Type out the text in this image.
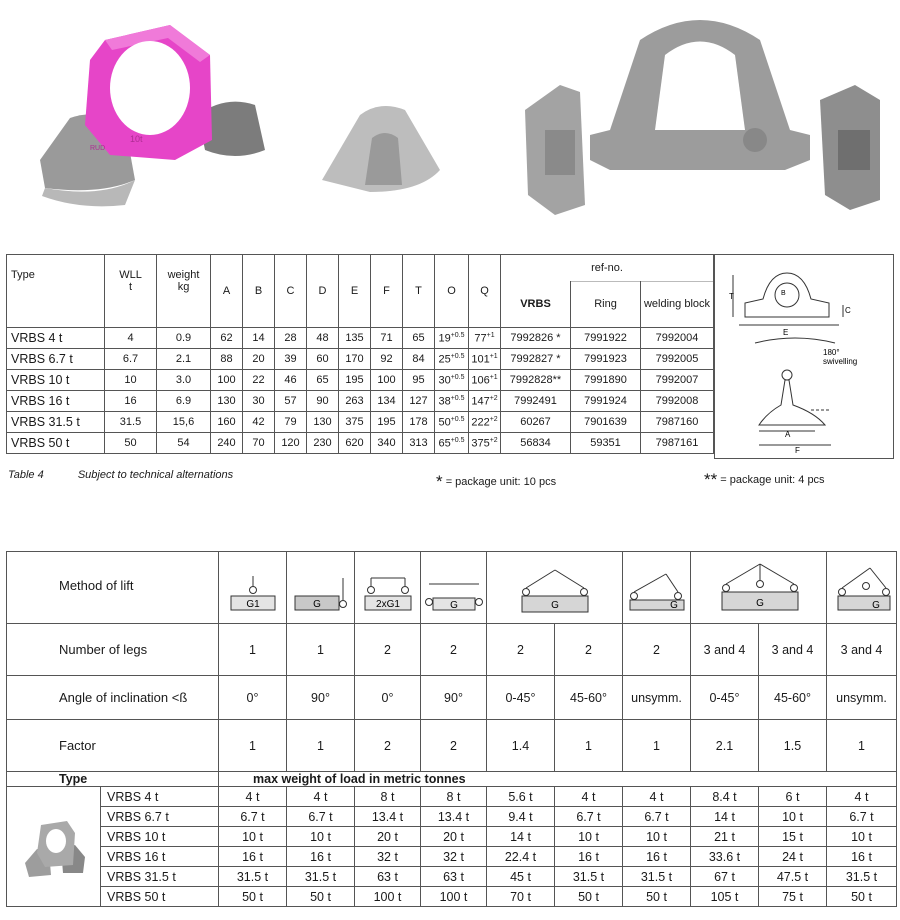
10t
RUD
Type	WLL
t	weight
kg	A	B	C	D	E	F	T	O	Q	ref-no.		
												VRBS	Ring	welding block
VRBS 4 t	4	0.9	62	14	28	48	135	71	65	$19^{+0.5}$	$77^{+1}$	7992826 *	7991922	7992004
VRBS 6.7 t	6.7	2.1	88	20	39	60	170	92	84	$25^{+0.5}$	$101^{+1}$	7992827 *	7991923	7992005
VRBS 10 t	10	3.0	100	22	46	65	195	100	95	$30^{+0.5}$	$106^{+1}$	7992828**	7991890	7992007
VRBS 16 t	16	6.9	130	30	57	90	263	134	127	$38^{+0.5}$	$147^{+2}$	7992491	7991924	7992008
VRBS 31.5 t	31.5	15,6	160	42	79	130	375	195	178	$50^{+0.5}$	$222^{+2}$	60267	7901639	7987160
VRBS 50 t	50	54	240	70	120	230	620	340	313	$65^{+0.5}$	$375^{+2}$	56834	59351	7987161
T	B
C
E
180°
swivelling
A
F
Table 4	Subject to technical alternations	* = package unit: 10 pcs	** = package unit: 4 pcs
Method of lift		G1	G	2xG1	G	G		G	G		G

Number of legs		1	1	2	2	2	2	2	3 and 4	3 and 4	3 and 4
Angle of inclination <ß		0°	90°	0°	90°	0-45°	45-60°	unsymm.	0-45°	45-60°	unsymm.
Factor		1	1	2	2	1.4	1	1	2.1	1.5	1
Type		max weight of load in metric tonnes									
	VRBS 4 t	4 t	4 t	8 t	8 t	5.6 t	4 t	4 t	8.4 t	6 t	4 t
	VRBS 6.7 t	6.7 t	6.7 t	13.4 t	13.4 t	9.4 t	6.7 t	6.7 t	14 t	10 t	6.7 t
	VRBS 10 t	10 t	10 t	20 t	20 t	14 t	10 t	10 t	21 t	15 t	10 t
	VRBS 16 t	16 t	16 t	32 t	32 t	22.4 t	16 t	16 t	33.6 t	24 t	16 t
	VRBS 31.5 t	31.5 t	31.5 t	63 t	63 t	45 t	31.5 t	31.5 t	67 t	47.5 t	31.5 t
	VRBS 50 t	50 t	50 t	100 t	100 t	70 t	50 t	50 t	105 t	75 t	50 t
